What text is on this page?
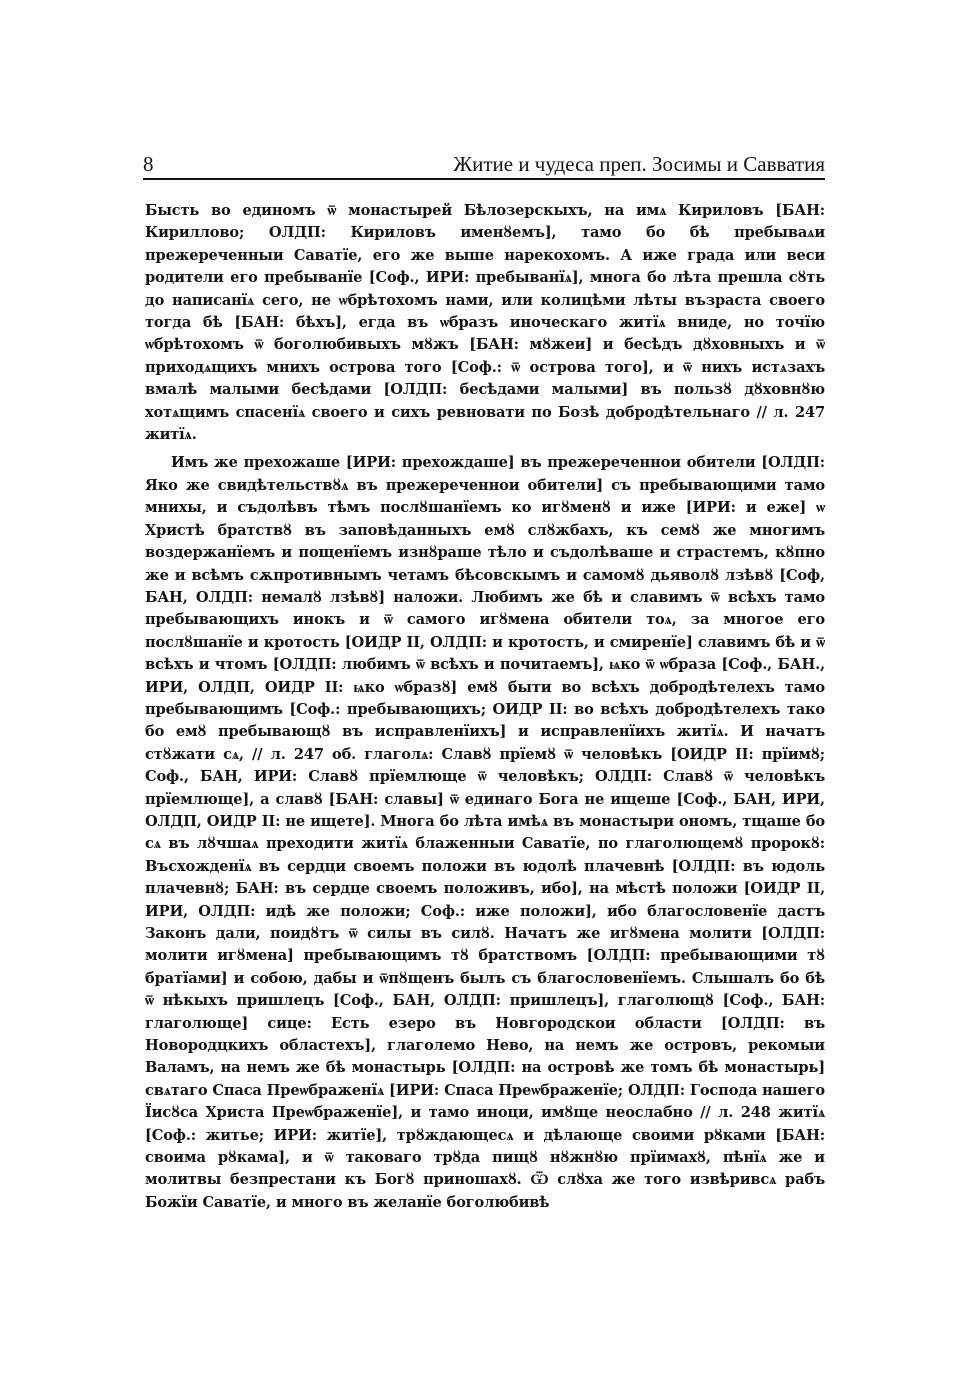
8	Житие и чудеса преп. Зосимы и Савватия

Бысть во единомъ ѿ монастырей Бѣлозерскыхъ, на имѧ Кириловъ [БАН: Кириллово; ОЛДП: Кириловъ именȣемъ], тамо бо бѣ пребываѧи прежереченныи Саватїе, его же выше нарекохомъ. А иже града или веси родители его пребыванїе [Соф., ИРИ: пребыванїѧ], многа бо лѣта прешла сȣть до написанїѧ сего, не ѡбрѣтохомъ нами, или колицѣми лѣты възраста своего тогда бѣ [БАН: бѣхъ], егда въ ѡбразъ иноческаго житїѧ вниде, но точїю ѡбрѣтохомъ ѿ боголюбивыхъ мȣжъ [БАН: мȣжеи] и бесѣдъ дȣховныхъ и ѿ приходѧщихъ мнихъ острова того [Соф.: ѿ острова того], и ѿ нихъ истѧзахъ вмалѣ малыми бесѣдами [ОЛДП: бесѣдами малыми] въ пользȣ дȣховнȣю хотѧщимъ спасенїѧ своего и сихъ ревновати по Бозѣ добродѣтельнаго // л. 247 житїѧ.

Имъ же прехожаше [ИРИ: прехождаше] въ прежереченнои обители [ОЛДП: Яко же свидѣтельствȣѧ въ прежереченнои обители] съ пребывающими тамо мнихы, и съдолѣвъ тѣмъ послȣшанїемъ ко игȣменȣ и иже [ИРИ: и еже] ѡ Христѣ братствȣ въ заповѣданныхъ емȣ слȣжбахъ, къ семȣ же многимъ воздержанїемъ и пощенїемъ изнȣраше тѣло и съдолѣваше и страстемъ, кȣпно же и всѣмъ сѫпротивнымъ четамъ бѣсовскымъ и самомȣ дьяволȣ лзѣвȣ [Соф, БАН, ОЛДП: немалȣ лзѣвȣ] наложи. Любимъ же бѣ и славимъ ѿ всѣхъ тамо пребывающихъ инокъ и ѿ самого игȣмена обители тоѧ, за многое его послȣшанїе и кротость [ОИДР II, ОЛДП: и кротость, и смиренїе] славимъ бѣ и ѿ всѣхъ и чтомъ [ОЛДП: любимъ ѿ всѣхъ и почитаемъ], ѩко ѿ ѡбраза [Соф., БАН., ИРИ, ОЛДП, ОИДР II: ѩко ѡбразȣ] емȣ быти во всѣхъ добродѣтелехъ тамо пребывающимъ [Соф.: пребывающихъ; ОИДР II: во всѣхъ добродѣтелехъ тако бо емȣ пребывающȣ въ исправленїихъ] и исправленїихъ житїѧ. И начатъ стȣжати сѧ, // л. 247 об. глаголѧ: Славȣ прїемȣ ѿ человѣкъ [ОИДР II: прїимȣ; Соф., БАН, ИРИ: Славȣ прїемлюще ѿ человѣкъ; ОЛДП: Славȣ ѿ человѣкъ прїемлюще], а славȣ [БАН: славы] ѿ единаго Бога не ищеше [Соф., БАН, ИРИ, ОЛДП, ОИДР II: не ищете]. Многа бо лѣта имѣѧ въ монастыри ономъ, тщаше бо сѧ въ лȣчшаѧ преходити житїѧ блаженныи Саватїе, по глаголющемȣ пророкȣ: Въсхожденїѧ въ сердци своемъ положи въ юдолѣ плачевнѣ [ОЛДП: въ юдоль плачевнȣ; БАН: въ сердце своемъ положивъ, ибо], на мѣстѣ положи [ОИДР II, ИРИ, ОЛДП: идѣ же положи; Соф.: иже положи], ибо благословенїе дастъ Законъ дали, поидȣтъ ѿ силы въ силȣ. Начатъ же игȣмена молити [ОЛДП: молити игȣмена] пребывающимъ тȣ братствомъ [ОЛДП: пребывающими тȣ братїами] и собою, дабы и ѿпȣщенъ былъ съ благословенїемъ. Слышалъ бо бѣ ѿ нѣкыхъ пришлецъ [Соф., БАН, ОЛДП: пришлецъ], глаголющȣ [Соф., БАН: глаголюще] сице: Есть езеро въ Новгородскои области [ОЛДП: въ Новородцкихъ областехъ], глаголемо Нево, на немъ же островъ, рекомыи Валамъ, на немъ же бѣ монастырь [ОЛДП: на островѣ же томъ бѣ монастырь] свѧтаго Спаса Преѡбраженїѧ [ИРИ: Спаса Преѡбраженїе; ОЛДП: Господа нашего Їисȣса Христа Преѡбраженїе], и тамо иноци, имȣще неослабно // л. 248 житїѧ [Соф.: житье; ИРИ: житїе], трȣждающесѧ и дѣлающе своими рȣками [БАН: своима рȣкама], и ѿ таковаго трȣда пищȣ нȣжнȣю прїимахȣ, пѣнїѧ же и молитвы безпрестани къ Богȣ приношахȣ. Ѿ слȣха же того извѣривсѧ рабъ Божїи Саватїе, и много въ желанїе боголюбивѣ
